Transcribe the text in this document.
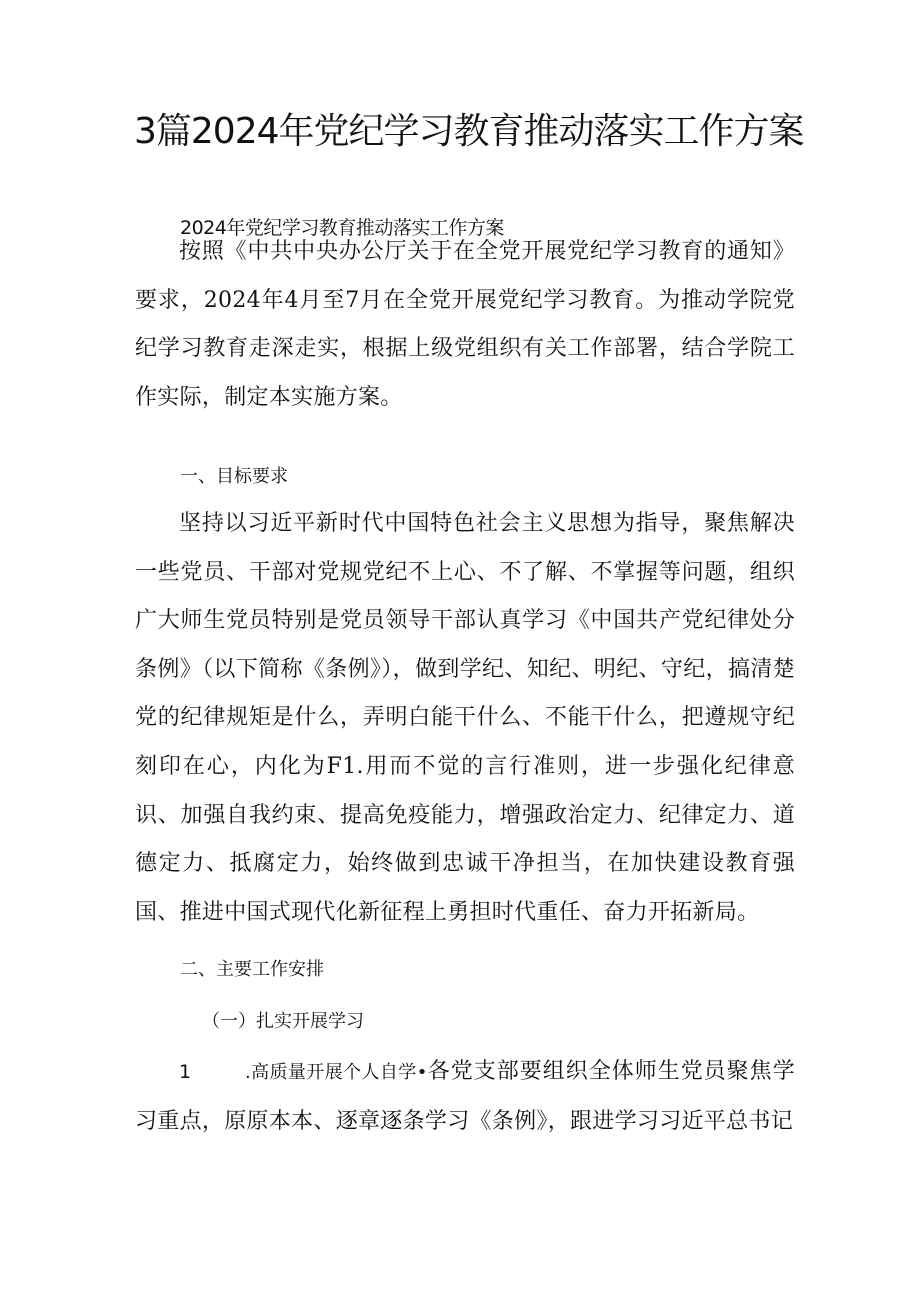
3篇2024年党纪学习教育推动落实工作方案

2024年党纪学习教育推动落实工作方案

按照《中共中央办公厅关于在全党开展党纪学习教育的通知》要求，2024年4月至7月在全党开展党纪学习教育。为推动学院党纪学习教育走深走实，根据上级党组织有关工作部署，结合学院工作实际，制定本实施方案。

一、目标要求

坚持以习近平新时代中国特色社会主义思想为指导，聚焦解决一些党员、干部对党规党纪不上心、不了解、不掌握等问题，组织广大师生党员特别是党员领导干部认真学习《中国共产党纪律处分条例》（以下简称《条例》），做到学纪、知纪、明纪、守纪，搞清楚党的纪律规矩是什么，弄明白能干什么、不能干什么，把遵规守纪刻印在心，内化为F1.用而不觉的言行准则，进一步强化纪律意识、加强自我约束、提高免疫能力，增强政治定力、纪律定力、道德定力、抵腐定力，始终做到忠诚干净担当，在加快建设教育强国、推进中国式现代化新征程上勇担时代重任、奋力开拓新局。

二、主要工作安排

（一）扎实开展学习

1	.高质量开展个人自学•各党支部要组织全体师生党员聚焦学习重点，原原本本、逐章逐条学习《条例》，跟进学习习近平总书记
